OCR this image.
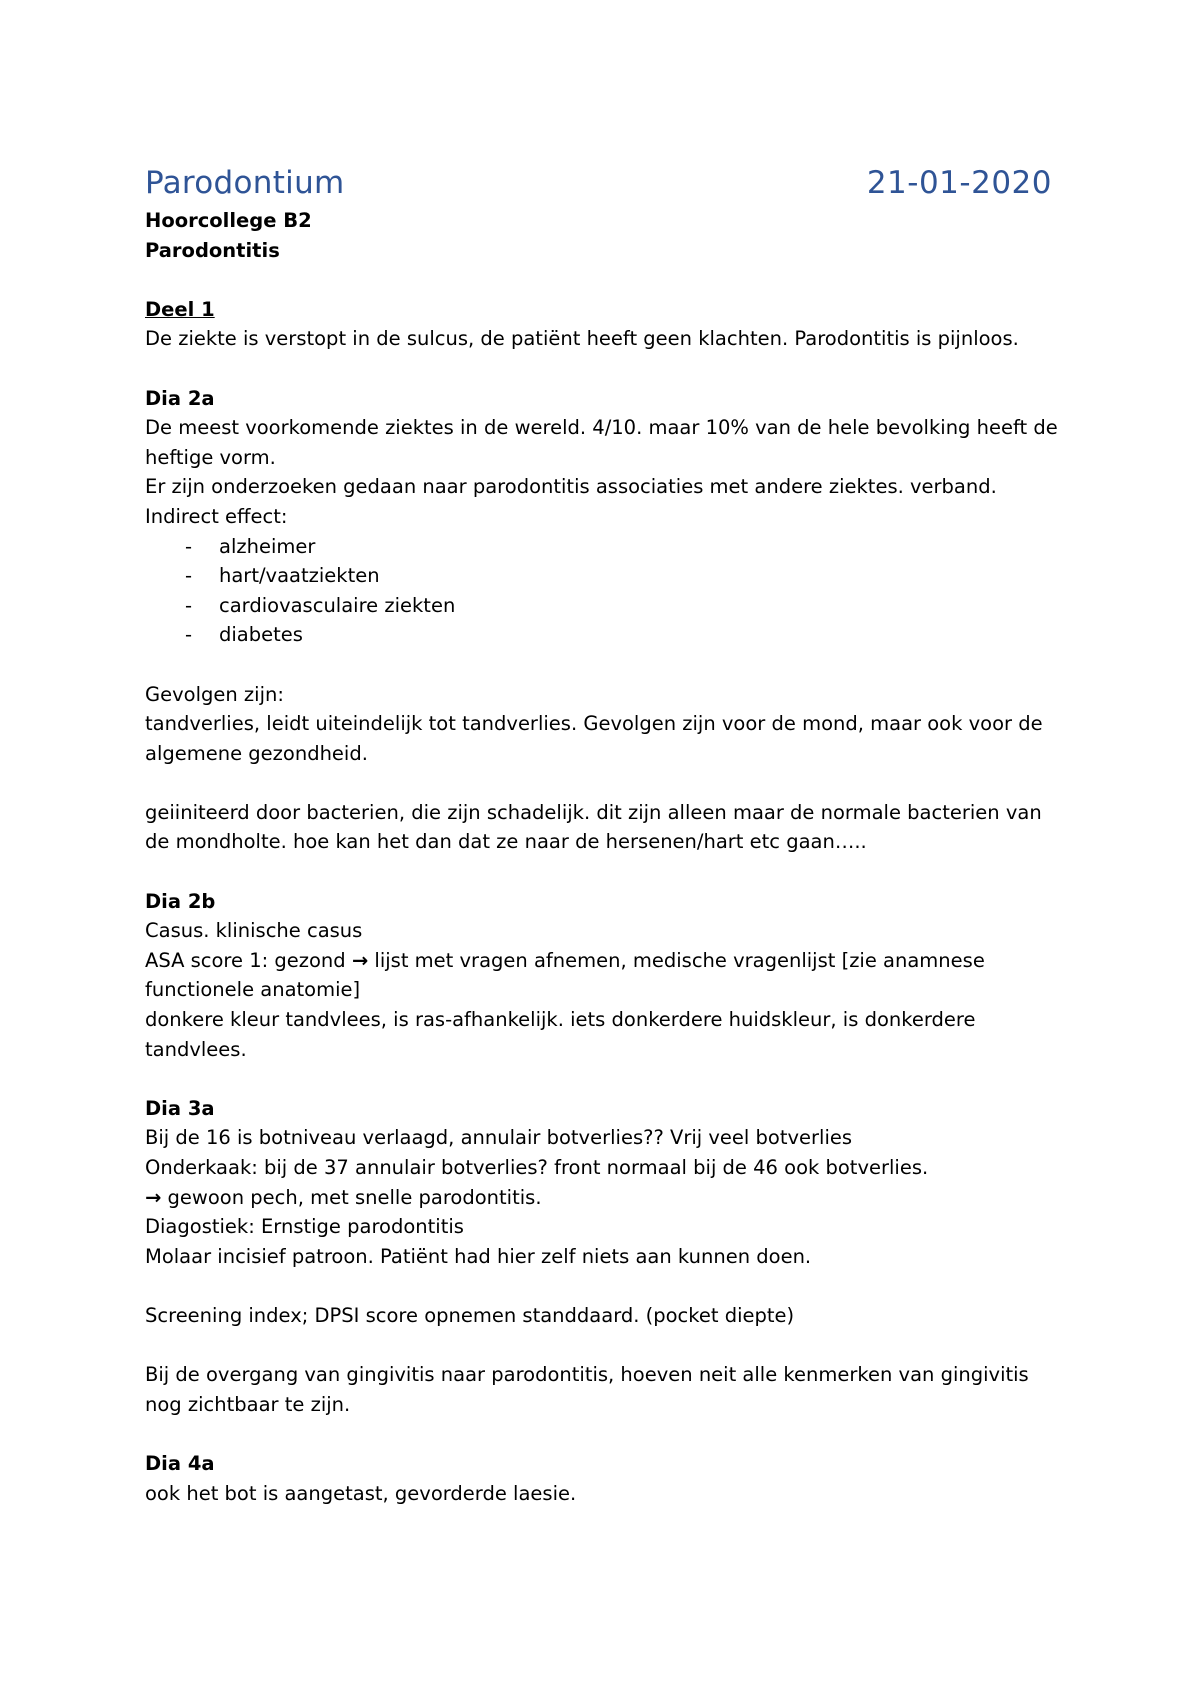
Parodontium	21-01-2020
Hoorcollege B2
Parodontitis
Deel 1
De ziekte is verstopt in de sulcus, de patiënt heeft geen klachten. Parodontitis is pijnloos.
Dia 2a
De meest voorkomende ziektes in de wereld. 4/10. maar 10% van de hele bevolking heeft de
heftige vorm.
Er zijn onderzoeken gedaan naar parodontitis associaties met andere ziektes. verband.
Indirect effect:
-	alzheimer
-	hart/vaatziekten
-	cardiovasculaire ziekten
-	diabetes
Gevolgen zijn:
tandverlies, leidt uiteindelijk tot tandverlies. Gevolgen zijn voor de mond, maar ook voor de
algemene gezondheid.
geiiniteerd door bacterien, die zijn schadelijk. dit zijn alleen maar de normale bacterien van
de mondholte. hoe kan het dan dat ze naar de hersenen/hart etc gaan…..
Dia 2b
Casus. klinische casus
ASA score 1: gezond → lijst met vragen afnemen, medische vragenlijst [zie anamnese
functionele anatomie]
donkere kleur tandvlees, is ras-afhankelijk. iets donkerdere huidskleur, is donkerdere
tandvlees.
Dia 3a
Bij de 16 is botniveau verlaagd, annulair botverlies?? Vrij veel botverlies
Onderkaak: bij de 37 annulair botverlies? front normaal bij de 46 ook botverlies.
→ gewoon pech, met snelle parodontitis.
Diagostiek: Ernstige parodontitis
Molaar incisief patroon. Patiënt had hier zelf niets aan kunnen doen.
Screening index; DPSI score opnemen standdaard. (pocket diepte)
Bij de overgang van gingivitis naar parodontitis, hoeven neit alle kenmerken van gingivitis
nog zichtbaar te zijn.
Dia 4a
ook het bot is aangetast, gevorderde laesie.
